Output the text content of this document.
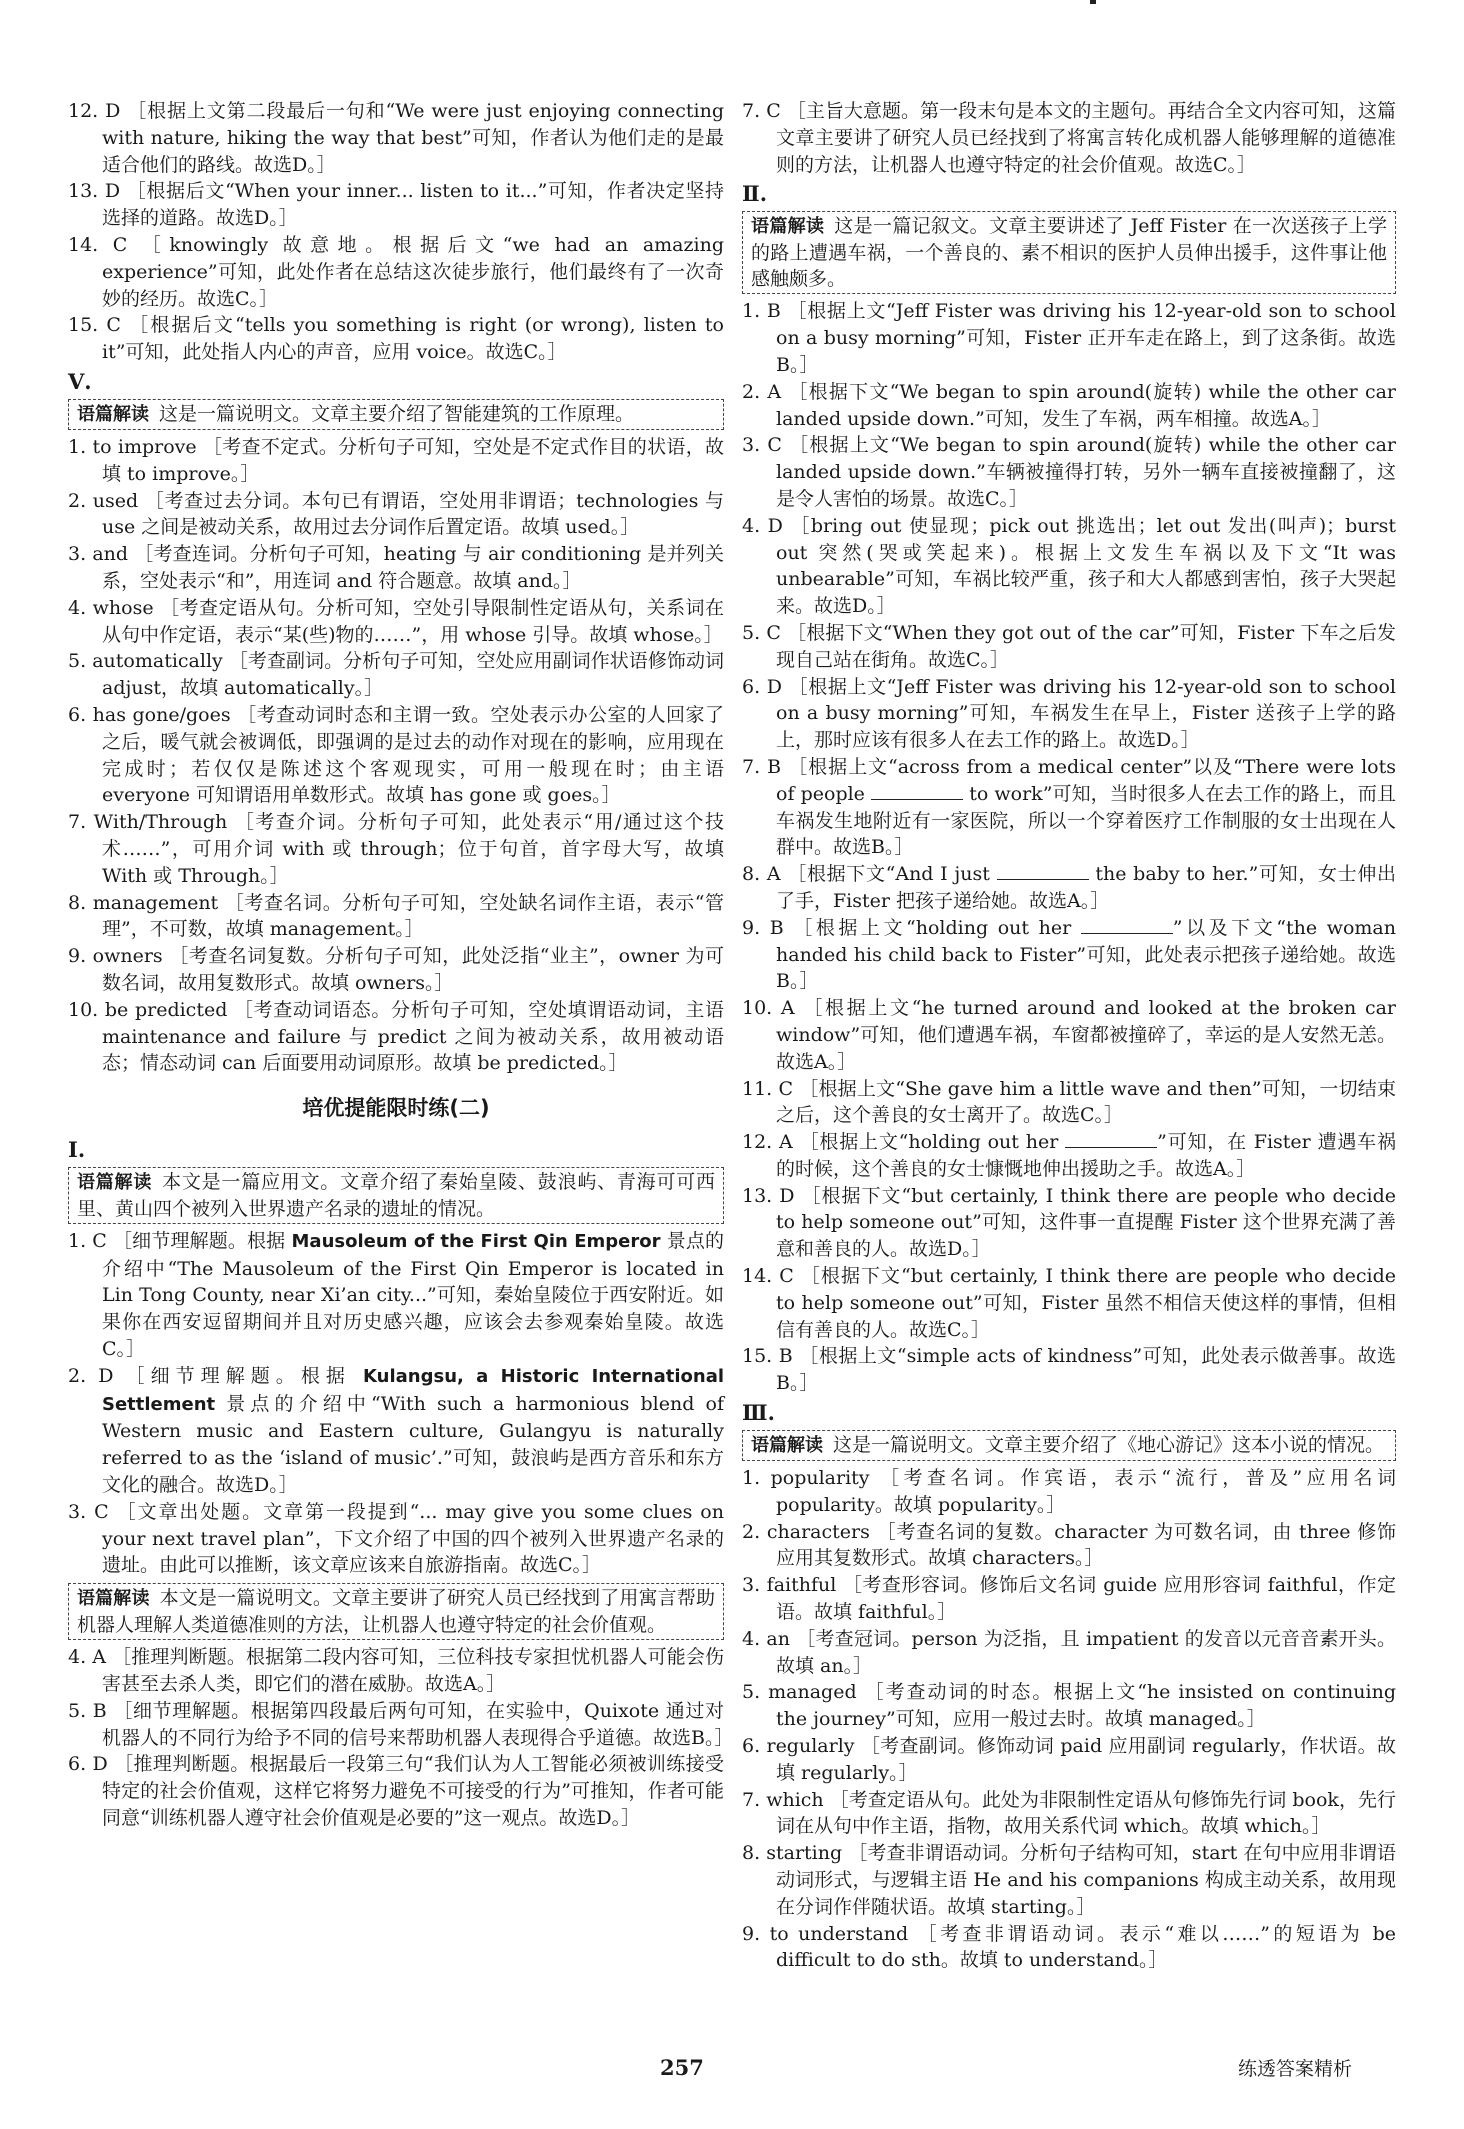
12. D ［根据上文第二段最后一句和“We were just enjoying connecting with nature, hiking the way that best”可知，作者认为他们走的是最适合他们的路线。故选D。］

13. D ［根据后文“When your inner... listen to it...”可知，作者决定坚持选择的道路。故选D。］

14. C ［knowingly 故意地。根据后文“we had an amazing experience”可知，此处作者在总结这次徒步旅行，他们最终有了一次奇妙的经历。故选C。］

15. C ［根据后文“tells you something is right (or wrong), listen to it”可知，此处指人内心的声音，应用 voice。故选C。］

Ⅴ.
语篇解读 这是一篇说明文。文章主要介绍了智能建筑的工作原理。

1. to improve ［考查不定式。分析句子可知，空处是不定式作目的状语，故填 to improve。］

2. used ［考查过去分词。本句已有谓语，空处用非谓语；technologies 与 use 之间是被动关系，故用过去分词作后置定语。故填 used。］

3. and ［考查连词。分析句子可知，heating 与 air conditioning 是并列关系，空处表示“和”，用连词 and 符合题意。故填 and。］

4. whose ［考查定语从句。分析可知，空处引导限制性定语从句，关系词在从句中作定语，表示“某(些)物的……”，用 whose 引导。故填 whose。］

5. automatically ［考查副词。分析句子可知，空处应用副词作状语修饰动词 adjust，故填 automatically。］

6. has gone/goes ［考查动词时态和主谓一致。空处表示办公室的人回家了之后，暖气就会被调低，即强调的是过去的动作对现在的影响，应用现在完成时；若仅仅是陈述这个客观现实，可用一般现在时；由主语 everyone 可知谓语用单数形式。故填 has gone 或 goes。］

7. With/Through ［考查介词。分析句子可知，此处表示“用/通过这个技术……”，可用介词 with 或 through；位于句首，首字母大写，故填 With 或 Through。］

8. management ［考查名词。分析句子可知，空处缺名词作主语，表示“管理”，不可数，故填 management。］

9. owners ［考查名词复数。分析句子可知，此处泛指“业主”，owner 为可数名词，故用复数形式。故填 owners。］

10. be predicted ［考查动词语态。分析句子可知，空处填谓语动词，主语 maintenance and failure 与 predict 之间为被动关系，故用被动语态；情态动词 can 后面要用动词原形。故填 be predicted。］

培优提能限时练(二)
Ⅰ.
语篇解读 本文是一篇应用文。文章介绍了秦始皇陵、鼓浪屿、青海可可西里、黄山四个被列入世界遗产名录的遗址的情况。

1. C ［细节理解题。根据 Mausoleum of the First Qin Emperor 景点的介绍中“The Mausoleum of the First Qin Emperor is located in Lin Tong County, near Xi’an city...”可知，秦始皇陵位于西安附近。如果你在西安逗留期间并且对历史感兴趣，应该会去参观秦始皇陵。故选C。］

2. D ［细节理解题。根据 Kulangsu, a Historic International Settlement 景点的介绍中“With such a harmonious blend of Western music and Eastern culture, Gulangyu is naturally referred to as the ‘island of music’.”可知，鼓浪屿是西方音乐和东方文化的融合。故选D。］

3. C ［文章出处题。文章第一段提到“... may give you some clues on your next travel plan”，下文介绍了中国的四个被列入世界遗产名录的遗址。由此可以推断，该文章应该来自旅游指南。故选C。］

语篇解读 本文是一篇说明文。文章主要讲了研究人员已经找到了用寓言帮助机器人理解人类道德准则的方法，让机器人也遵守特定的社会价值观。

4. A ［推理判断题。根据第二段内容可知，三位科技专家担忧机器人可能会伤害甚至去杀人类，即它们的潜在威胁。故选A。］

5. B ［细节理解题。根据第四段最后两句可知，在实验中，Quixote 通过对机器人的不同行为给予不同的信号来帮助机器人表现得合乎道德。故选B。］

6. D ［推理判断题。根据最后一段第三句“我们认为人工智能必须被训练接受特定的社会价值观，这样它将努力避免不可接受的行为”可推知，作者可能同意“训练机器人遵守社会价值观是必要的”这一观点。故选D。］

7. C ［主旨大意题。第一段末句是本文的主题句。再结合全文内容可知，这篇文章主要讲了研究人员已经找到了将寓言转化成机器人能够理解的道德准则的方法，让机器人也遵守特定的社会价值观。故选C。］

Ⅱ.
语篇解读 这是一篇记叙文。文章主要讲述了 Jeff Fister 在一次送孩子上学的路上遭遇车祸，一个善良的、素不相识的医护人员伸出援手，这件事让他感触颇多。

1. B ［根据上文“Jeff Fister was driving his 12-year-old son to school on a busy morning”可知，Fister 正开车走在路上，到了这条街。故选B。］

2. A ［根据下文“We began to spin around(旋转) while the other car landed upside down.”可知，发生了车祸，两车相撞。故选A。］

3. C ［根据上文“We began to spin around(旋转) while the other car landed upside down.”车辆被撞得打转，另外一辆车直接被撞翻了，这是令人害怕的场景。故选C。］

4. D ［bring out 使显现；pick out 挑选出；let out 发出(叫声)；burst out 突然(哭或笑起来)。根据上文发生车祸以及下文“It was unbearable”可知，车祸比较严重，孩子和大人都感到害怕，孩子大哭起来。故选D。］

5. C ［根据下文“When they got out of the car”可知，Fister 下车之后发现自己站在街角。故选C。］

6. D ［根据上文“Jeff Fister was driving his 12-year-old son to school on a busy morning”可知，车祸发生在早上，Fister 送孩子上学的路上，那时应该有很多人在去工作的路上。故选D。］

7. B ［根据上文“across from a medical center”以及“There were lots of people	to work”可知，当时很多人在去工作的路上，而且车祸发生地附近有一家医院，所以一个穿着医疗工作制服的女士出现在人群中。故选B。］

8. A ［根据下文“And I just	the baby to her.”可知，女士伸出了手，Fister 把孩子递给她。故选A。］

9. B ［根据上文“holding out her	”以及下文“the woman handed his child back to Fister”可知，此处表示把孩子递给她。故选B。］

10. A ［根据上文“he turned around and looked at the broken car window”可知，他们遭遇车祸，车窗都被撞碎了，幸运的是人安然无恙。故选A。］

11. C ［根据上文“She gave him a little wave and then”可知，一切结束之后，这个善良的女士离开了。故选C。］

12. A ［根据上文“holding out her	”可知，在 Fister 遭遇车祸的时候，这个善良的女士慷慨地伸出援助之手。故选A。］

13. D ［根据下文“but certainly, I think there are people who decide to help someone out”可知，这件事一直提醒 Fister 这个世界充满了善意和善良的人。故选D。］

14. C ［根据下文“but certainly, I think there are people who decide to help someone out”可知，Fister 虽然不相信天使这样的事情，但相信有善良的人。故选C。］

15. B ［根据上文“simple acts of kindness”可知，此处表示做善事。故选B。］

Ⅲ.
语篇解读 这是一篇说明文。文章主要介绍了《地心游记》这本小说的情况。

1. popularity ［考查名词。作宾语，表示“流行，普及”应用名词 popularity。故填 popularity。］

2. characters ［考查名词的复数。character 为可数名词，由 three 修饰应用其复数形式。故填 characters。］

3. faithful ［考查形容词。修饰后文名词 guide 应用形容词 faithful，作定语。故填 faithful。］

4. an ［考查冠词。person 为泛指，且 impatient 的发音以元音音素开头。故填 an。］

5. managed ［考查动词的时态。根据上文“he insisted on continuing the journey”可知，应用一般过去时。故填 managed。］

6. regularly ［考查副词。修饰动词 paid 应用副词 regularly，作状语。故填 regularly。］

7. which ［考查定语从句。此处为非限制性定语从句修饰先行词 book，先行词在从句中作主语，指物，故用关系代词 which。故填 which。］

8. starting ［考查非谓语动词。分析句子结构可知，start 在句中应用非谓语动词形式，与逻辑主语 He and his companions 构成主动关系，故用现在分词作伴随状语。故填 starting。］

9. to understand ［考查非谓语动词。表示“难以……”的短语为 be difficult to do sth。故填 to understand。］

257	练透答案精析
